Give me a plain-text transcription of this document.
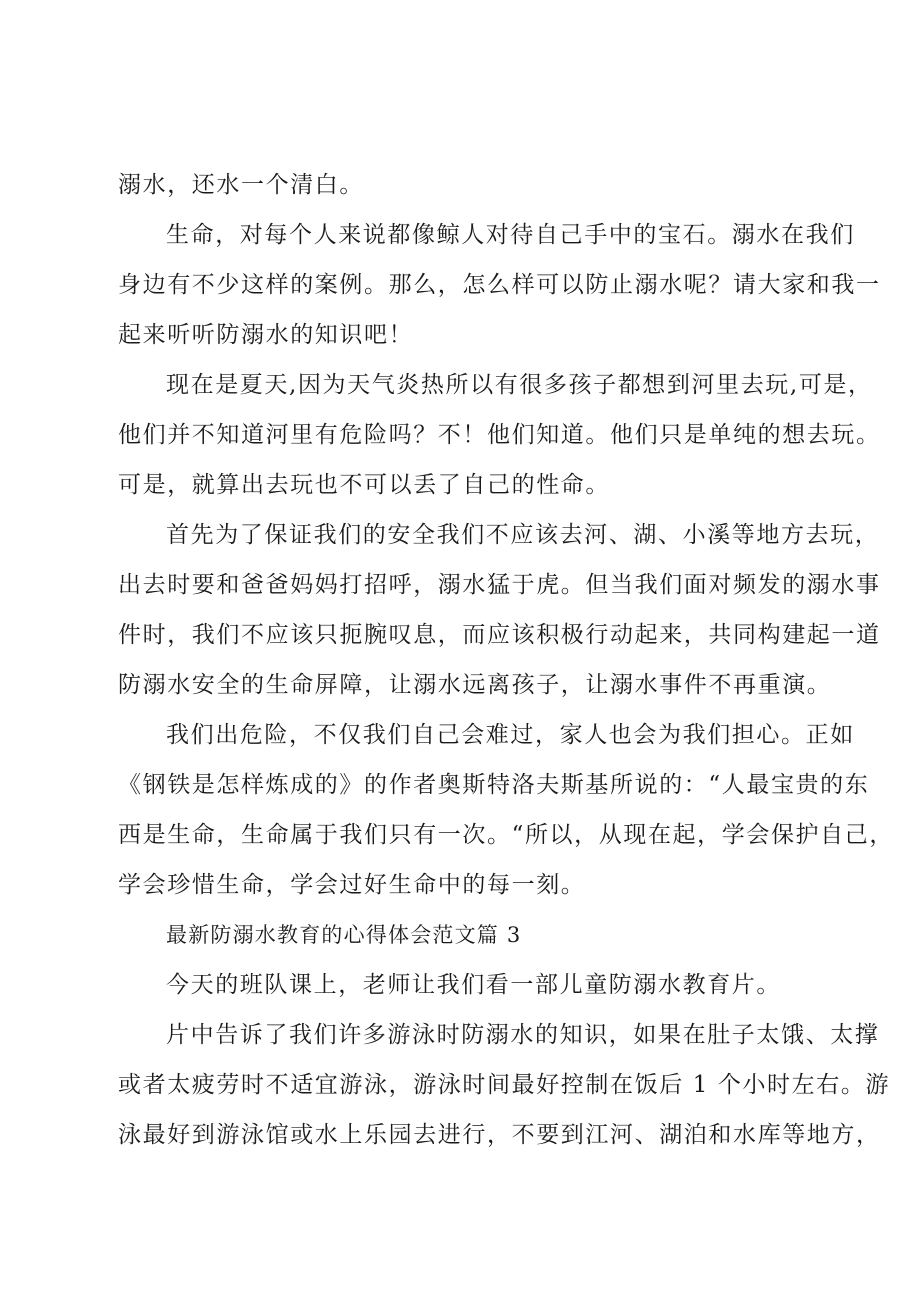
溺水，还水一个清白。
生命，对每个人来说都像鲸人对待自己手中的宝石。溺水在我们
身边有不少这样的案例。那么，怎么样可以防止溺水呢？请大家和我一
起来听听防溺水的知识吧！
现在是夏天,因为天气炎热所以有很多孩子都想到河里去玩,可是，
他们并不知道河里有危险吗？不！他们知道。他们只是单纯的想去玩。
可是，就算出去玩也不可以丢了自己的性命。
首先为了保证我们的安全我们不应该去河、湖、小溪等地方去玩，
出去时要和爸爸妈妈打招呼，溺水猛于虎。但当我们面对频发的溺水事
件时，我们不应该只扼腕叹息，而应该积极行动起来，共同构建起一道
防溺水安全的生命屏障，让溺水远离孩子，让溺水事件不再重演。
我们出危险，不仅我们自己会难过，家人也会为我们担心。正如
《钢铁是怎样炼成的》的作者奥斯特洛夫斯基所说的：“人最宝贵的东
西是生命，生命属于我们只有一次。“所以，从现在起，学会保护自己，
学会珍惜生命，学会过好生命中的每一刻。
最新防溺水教育的心得体会范文篇 3
今天的班队课上，老师让我们看一部儿童防溺水教育片。
片中告诉了我们许多游泳时防溺水的知识，如果在肚子太饿、太撑
或者太疲劳时不适宜游泳，游泳时间最好控制在饭后 1 个小时左右。游
泳最好到游泳馆或水上乐园去进行，不要到江河、湖泊和水库等地方，
